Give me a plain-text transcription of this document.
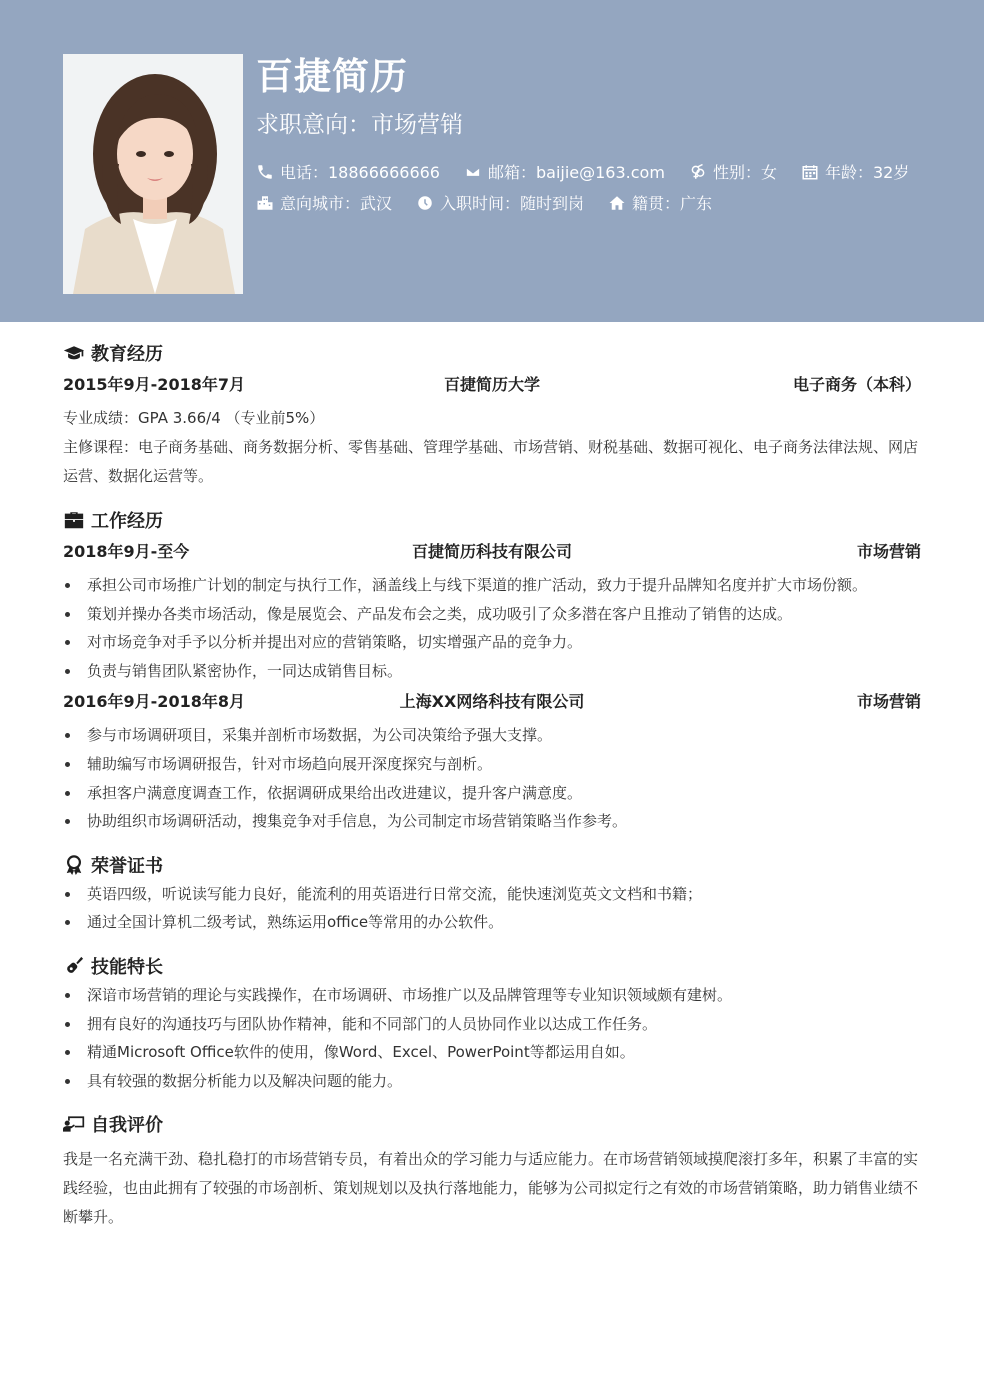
百捷简历
求职意向：市场营销
电话：18866666666	邮箱：baijie@163.com	性别：女	年龄：32岁
意向城市：武汉	入职时间：随时到岗	籍贯：广东
教育经历
2015年9月-2018年7月	百捷简历大学	电子商务（本科）
专业成绩：GPA 3.66/4 （专业前5%）
主修课程：电子商务基础、商务数据分析、零售基础、管理学基础、市场营销、财税基础、数据可视化、电子商务法律法规、网店运营、数据化运营等。
工作经历
2018年9月-至今	百捷简历科技有限公司	市场营销
承担公司市场推广计划的制定与执行工作，涵盖线上与线下渠道的推广活动，致力于提升品牌知名度并扩大市场份额。
策划并操办各类市场活动，像是展览会、产品发布会之类，成功吸引了众多潜在客户且推动了销售的达成。
对市场竞争对手予以分析并提出对应的营销策略，切实增强产品的竞争力。
负责与销售团队紧密协作，一同达成销售目标。
2016年9月-2018年8月	上海XX网络科技有限公司	市场营销
参与市场调研项目，采集并剖析市场数据，为公司决策给予强大支撑。
辅助编写市场调研报告，针对市场趋向展开深度探究与剖析。
承担客户满意度调查工作，依据调研成果给出改进建议，提升客户满意度。
协助组织市场调研活动，搜集竞争对手信息，为公司制定市场营销策略当作参考。
荣誉证书
英语四级，听说读写能力良好，能流利的用英语进行日常交流，能快速浏览英文文档和书籍；
通过全国计算机二级考试，熟练运用office等常用的办公软件。
技能特长
深谙市场营销的理论与实践操作，在市场调研、市场推广以及品牌管理等专业知识领域颇有建树。
拥有良好的沟通技巧与团队协作精神，能和不同部门的人员协同作业以达成工作任务。
精通Microsoft Office软件的使用，像Word、Excel、PowerPoint等都运用自如。
具有较强的数据分析能力以及解决问题的能力。
自我评价
我是一名充满干劲、稳扎稳打的市场营销专员，有着出众的学习能力与适应能力。在市场营销领域摸爬滚打多年，积累了丰富的实践经验，也由此拥有了较强的市场剖析、策划规划以及执行落地能力，能够为公司拟定行之有效的市场营销策略，助力销售业绩不断攀升。
